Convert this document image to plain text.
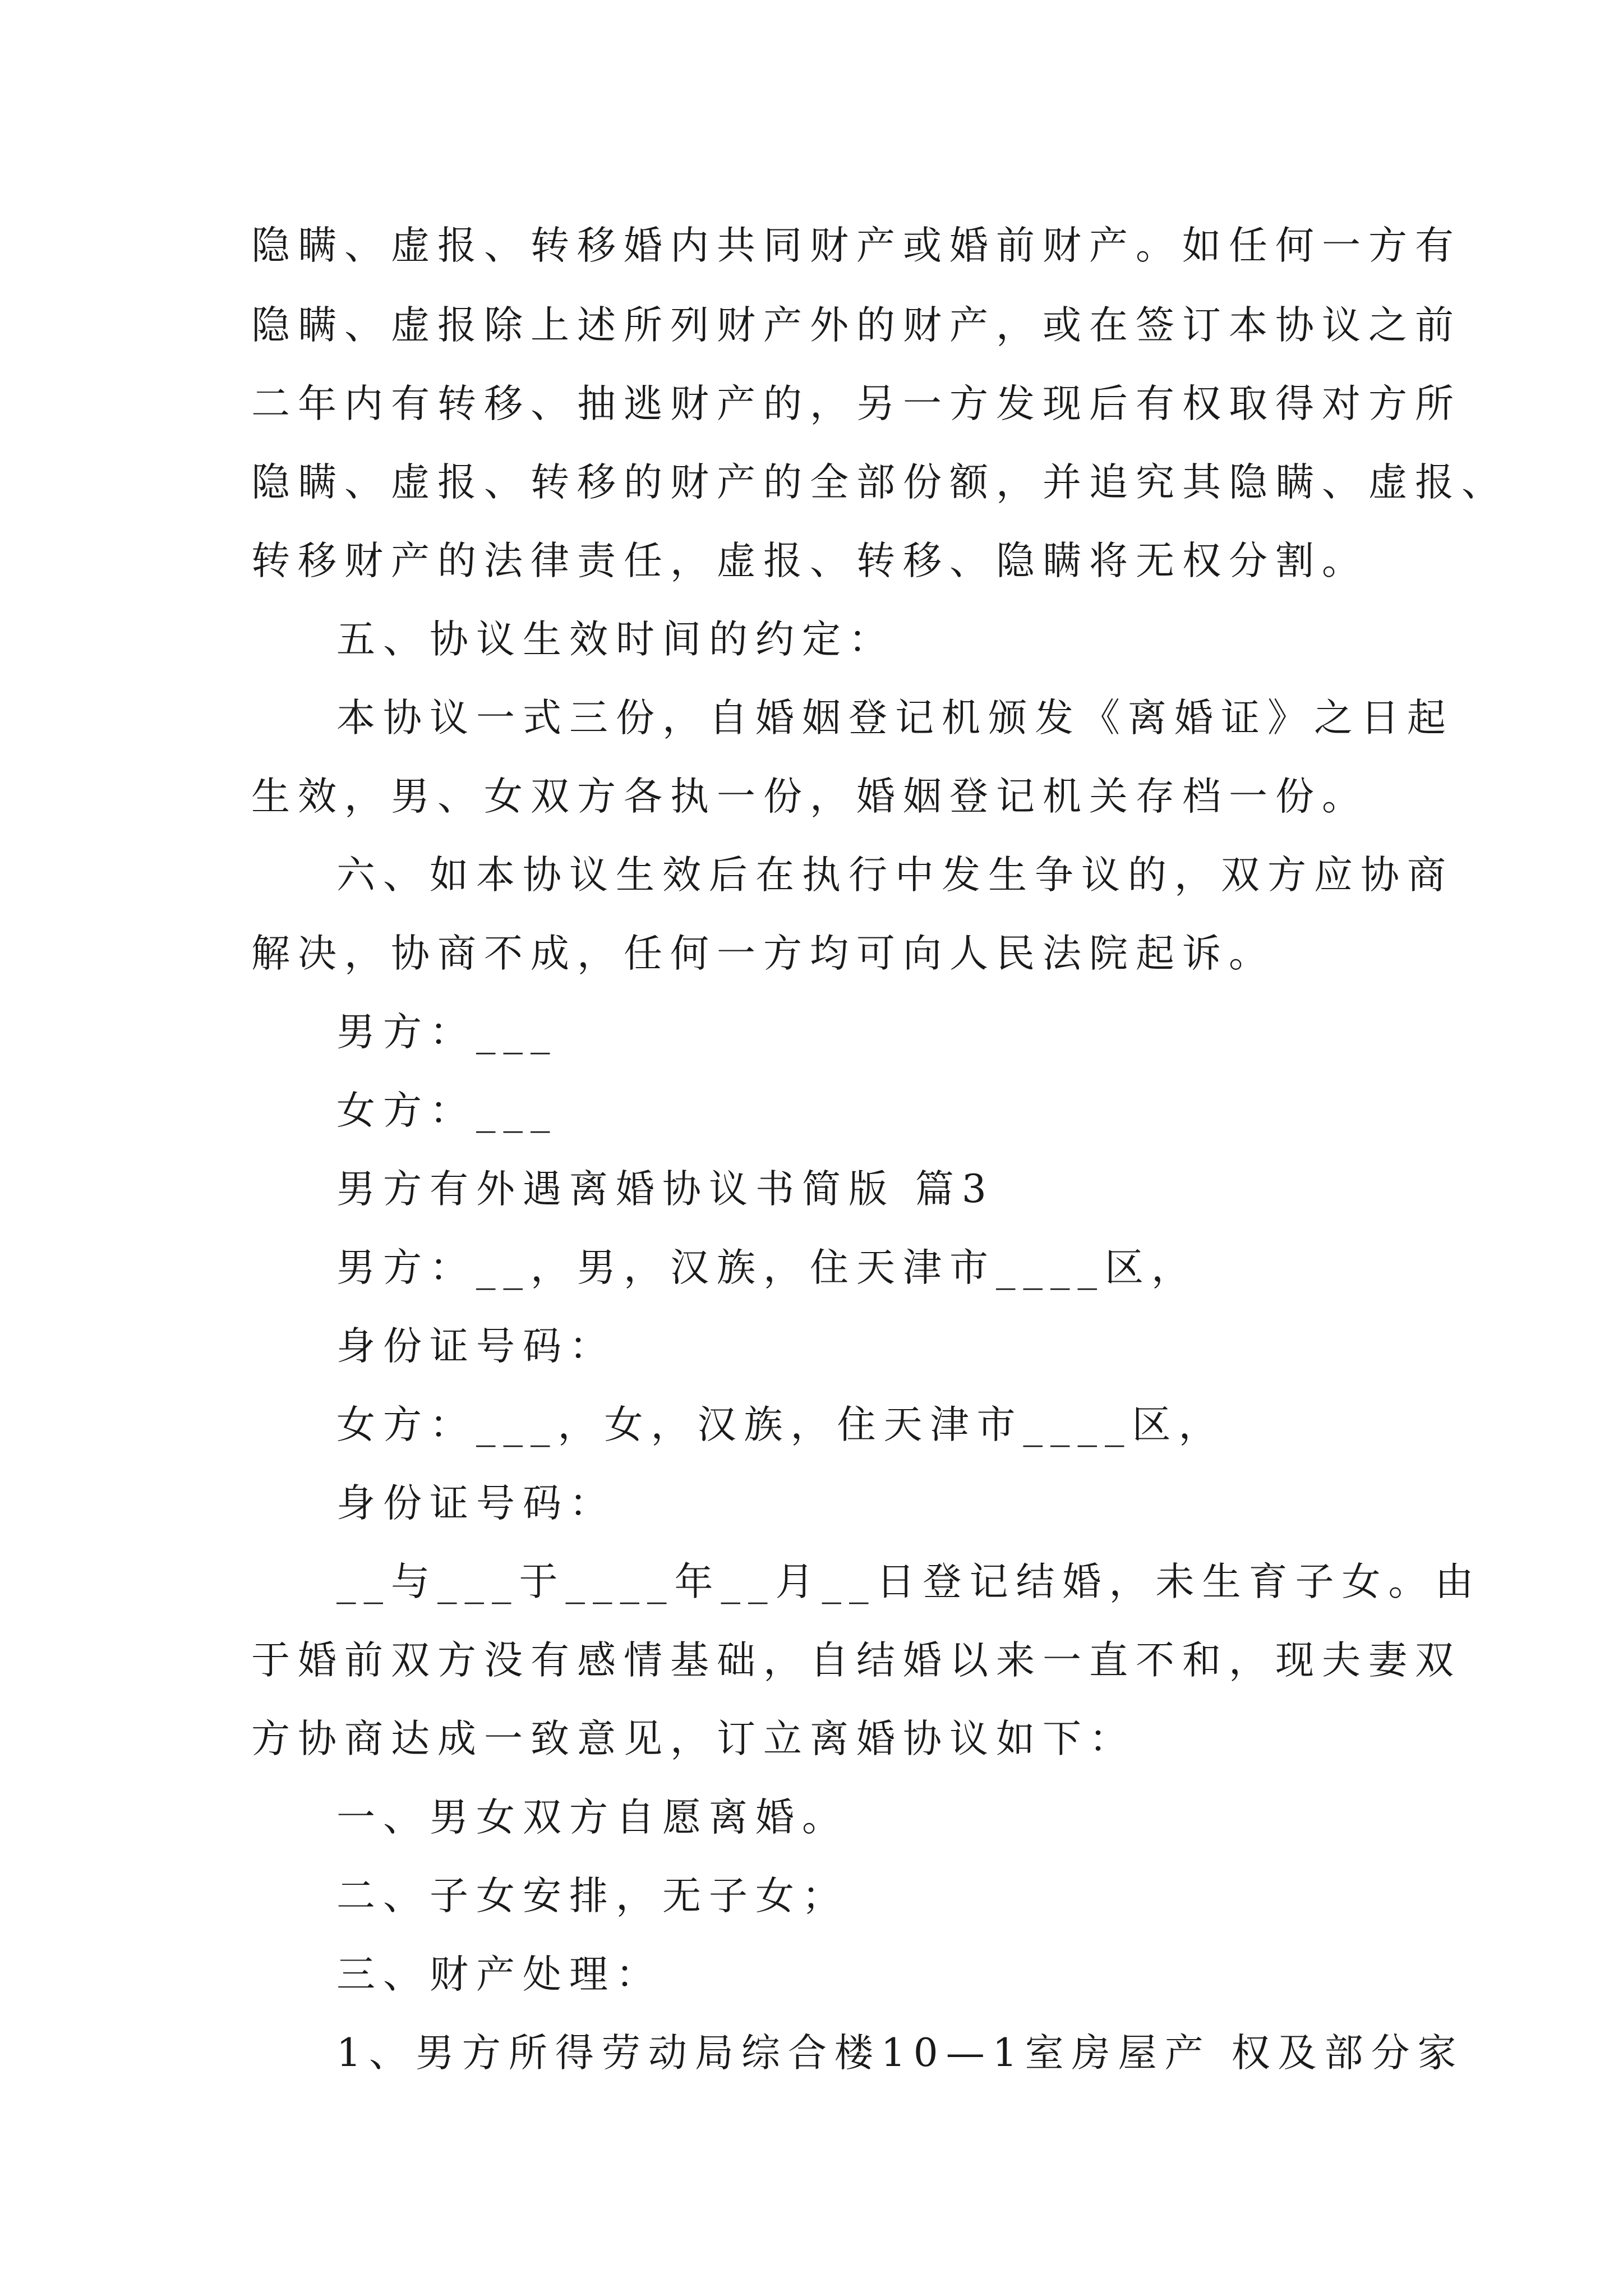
隐瞒、虚报、转移婚内共同财产或婚前财产。如任何一方有
隐瞒、虚报除上述所列财产外的财产，或在签订本协议之前
二年内有转移、抽逃财产的，另一方发现后有权取得对方所
隐瞒、虚报、转移的财产的全部份额，并追究其隐瞒、虚报、
转移财产的法律责任，虚报、转移、隐瞒将无权分割。
五、协议生效时间的约定：
本协议一式三份，自婚姻登记机颁发《离婚证》之日起
生效，男、女双方各执一份，婚姻登记机关存档一份。
六、如本协议生效后在执行中发生争议的，双方应协商
解决，协商不成，任何一方均可向人民法院起诉。
男方：___
女方：___
男方有外遇离婚协议书简版 篇3
男方：__，男，汉族，住天津市____区，
身份证号码：
女方：___，女，汉族，住天津市____区，
身份证号码：
__与___于____年__月__日登记结婚，未生育子女。由
于婚前双方没有感情基础，自结婚以来一直不和，现夫妻双
方协商达成一致意见，订立离婚协议如下：
一、男女双方自愿离婚。
二、子女安排，无子女；
三、财产处理：
1、男方所得劳动局综合楼10—1室房屋产 权及部分家
